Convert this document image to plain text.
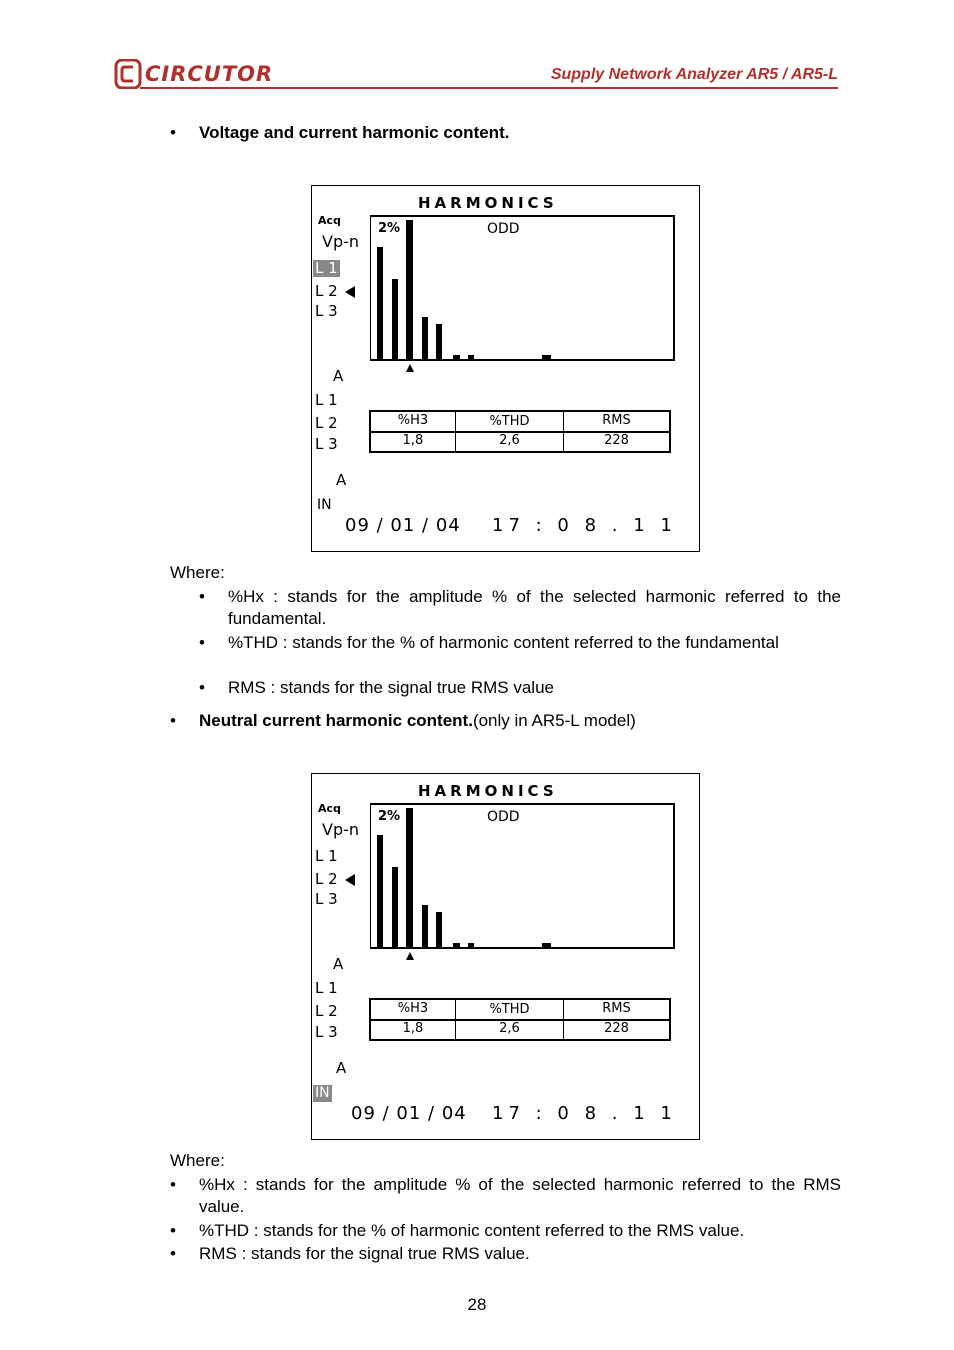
CIRCUTOR	Supply Network Analyzer AR5 / AR5-L
•	Voltage and current harmonic content.
HARMONICS
Acq
Vp-n
L 1
L 2
L 3
2%	ODD
A
L 1
L 2
L 3
%H3	%THD	RMS
1,8	2,6	228
A
IN
09 / 01 / 04 17 : 0 8 . 1 1
Where:
•	%Hx : stands for the amplitude % of the selected harmonic referred to the fundamental.
•	%THD : stands for the % of harmonic content referred to the fundamental
•	RMS : stands for the signal true RMS value
•	Neutral current harmonic content.(only in AR5-L model)
HARMONICS
Acq
Vp-n
L 1
L 2
L 3
2%	ODD
A
L 1
L 2
L 3
%H3	%THD	RMS
1,8	2,6	228
A
IN
09 / 01 / 04 17 : 0 8 . 1 1
Where:
•	%Hx : stands for the amplitude % of the selected harmonic referred to the RMS value.
•	%THD : stands for the % of harmonic content referred to the RMS value.
•	RMS : stands for the signal true RMS value.
28
